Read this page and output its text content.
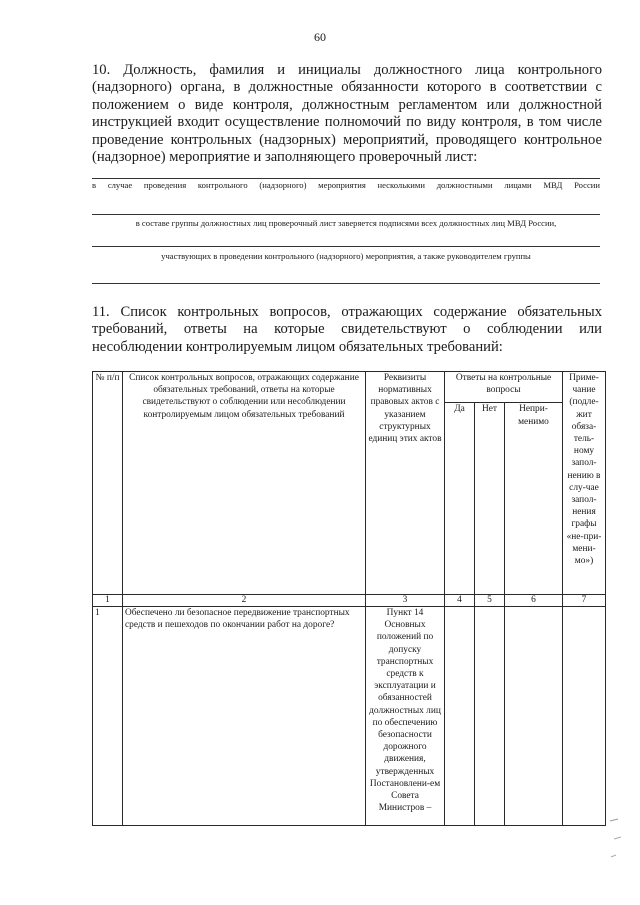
60
10. Должность, фамилия и инициалы должностного лица контрольного (надзорного) органа, в должностные обязанности которого в соответствии с положением о виде контроля, должностным регламентом или должностной инструкцией входит осуществление полномочий по виду контроля, в том числе проведение контрольных (надзорных) мероприятий, проводящего контрольное (надзорное) мероприятие и заполняющего проверочный лист:
в случае проведения контрольного (надзорного) мероприятия несколькими должностными лицами МВД России
в составе группы должностных лиц проверочный лист заверяется подписями всех должностных лиц МВД России,
участвующих в проведении контрольного (надзорного) мероприятия, а также руководителем группы
11. Список контрольных вопросов, отражающих содержание обязательных требований, ответы на которые свидетельствуют о соблюдении или несоблюдении контролируемым лицом обязательных требований:
№ п/п	Список контрольных вопросов, отражающих содержание обязательных требований, ответы на которые свидетельствуют о соблюдении или несоблюдении контролируемым лицом обязательных требований	Реквизиты нормативных правовых актов с указанием структурных единиц этих актов	Ответы на контрольные вопросы			Приме-чание (подле-жит обяза-тель-ному запол-нению в слу-чае запол-нения графы «не-при-мени-мо»)
			Да	Нет	Непри-менимо	
1	2	3	4	5	6	7
1	Обеспечено ли безопасное передвижение транспортных средств и пешеходов по окончании работ на дороге?	Пункт 14 Основных положений по допуску транспортных средств к эксплуатации и обязанностей должностных лиц по обеспечению безопасности дорожного движения, утвержденных Постановлени-ем Совета Министров –				
